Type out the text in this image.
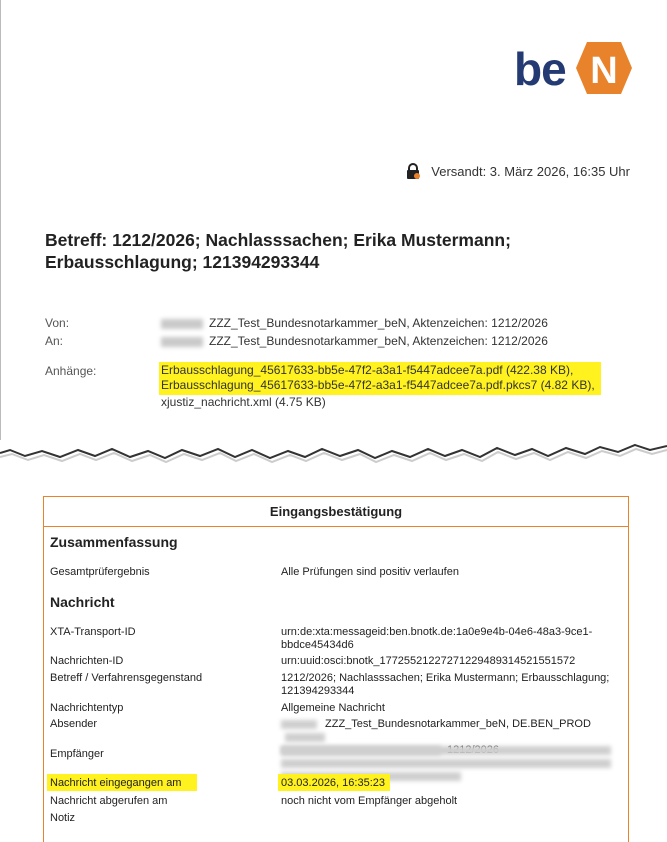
be N
Versandt: 3. März 2026, 16:35 Uhr
Betreff: 1212/2026; Nachlasssachen; Erika Mustermann; Erbausschlagung; 121394293344
Von:	ZZZ_Test_Bundesnotarkammer_beN, Aktenzeichen: 1212/2026
An:	ZZZ_Test_Bundesnotarkammer_beN, Aktenzeichen: 1212/2026
Anhänge:	Erbausschlagung_45617633-bb5e-47f2-a3a1-f5447adcee7a.pdf (422.38 KB),
Erbausschlagung_45617633-bb5e-47f2-a3a1-f5447adcee7a.pdf.pkcs7 (4.82 KB),
xjustiz_nachricht.xml (4.75 KB)
Eingangsbestätigung
Zusammenfassung
Gesamtprüfergebnis	Alle Prüfungen sind positiv verlaufen
Nachricht
XTA-Transport-ID	urn:de:xta:messageid:ben.bnotk.de:1a0e9e4b-04e6-48a3-9ce1-bbdce45434d6
Nachrichten-ID	urn:uuid:osci:bnotk_17725521227271229489314521551572
Betreff / Verfahrensgegenstand	1212/2026; Nachlasssachen; Erika Mustermann; Erbausschlagung; 121394293344
Nachrichtentyp	Allgemeine Nachricht
Absender	ZZZ_Test_Bundesnotarkammer_beN, DE.BEN_PROD

Empfänger

Nachricht eingegangen am	03.03.2026, 16:35:23
Nachricht abgerufen am	noch nicht vom Empfänger abgeholt
Notiz
